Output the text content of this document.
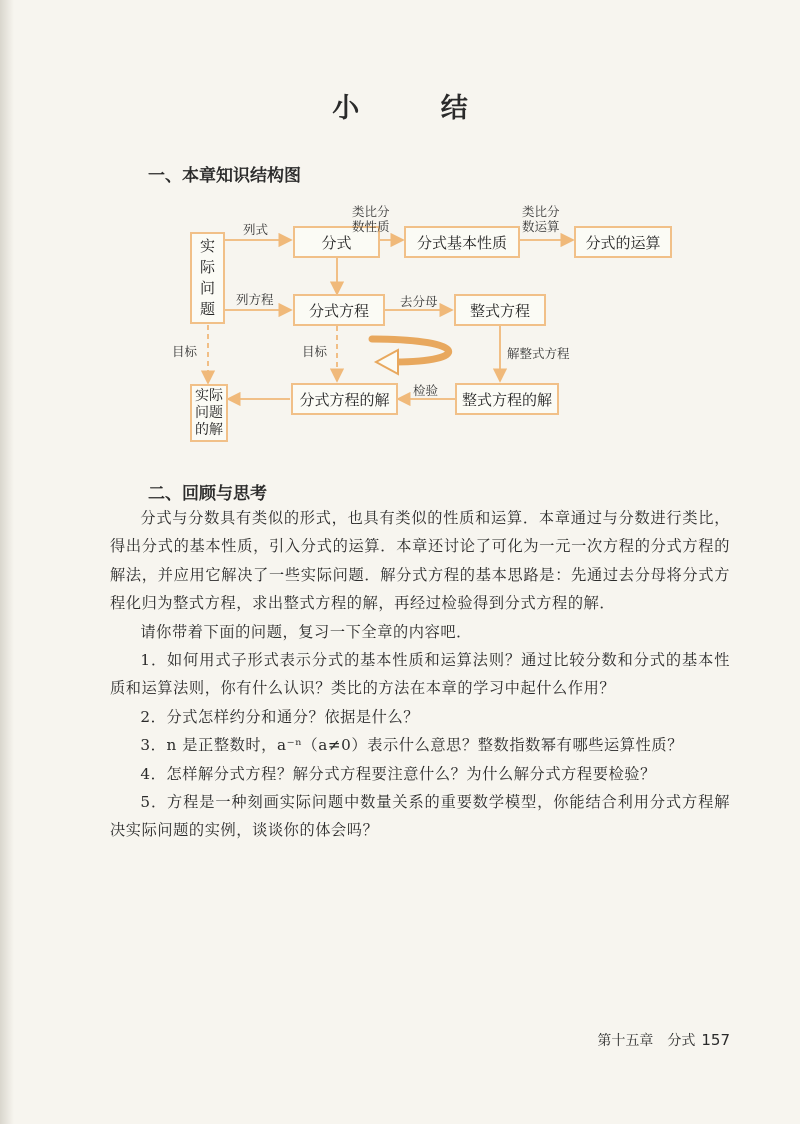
小 结
一、本章知识结构图
实
际
问
题
分式	分式基本性质	分式的运算
分式方程	整式方程
整式方程的解
分式方程的解
实际
问题
的解
列式
类比分
数性质
类比分
数运算
列方程	去分母
解整式方程
目标	目标
检验
二、回顾与思考

分式与分数具有类似的形式，也具有类似的性质和运算．本章通过与分数进行类比，得出分式的基本性质，引入分式的运算．本章还讨论了可化为一元一次方程的分式方程的解法，并应用它解决了一些实际问题．解分式方程的基本思路是：先通过去分母将分式方程化归为整式方程，求出整式方程的解，再经过检验得到分式方程的解．

请你带着下面的问题，复习一下全章的内容吧．

1．如何用式子形式表示分式的基本性质和运算法则？通过比较分数和分式的基本性质和运算法则，你有什么认识？类比的方法在本章的学习中起什么作用？

2．分式怎样约分和通分？依据是什么？

3．n 是正整数时，a⁻ⁿ（a≠0）表示什么意思？整数指数幂有哪些运算性质？

4．怎样解分式方程？解分式方程要注意什么？为什么解分式方程要检验？

5．方程是一种刻画实际问题中数量关系的重要数学模型，你能结合利用分式方程解决实际问题的实例，谈谈你的体会吗？

第十五章　分式 157
